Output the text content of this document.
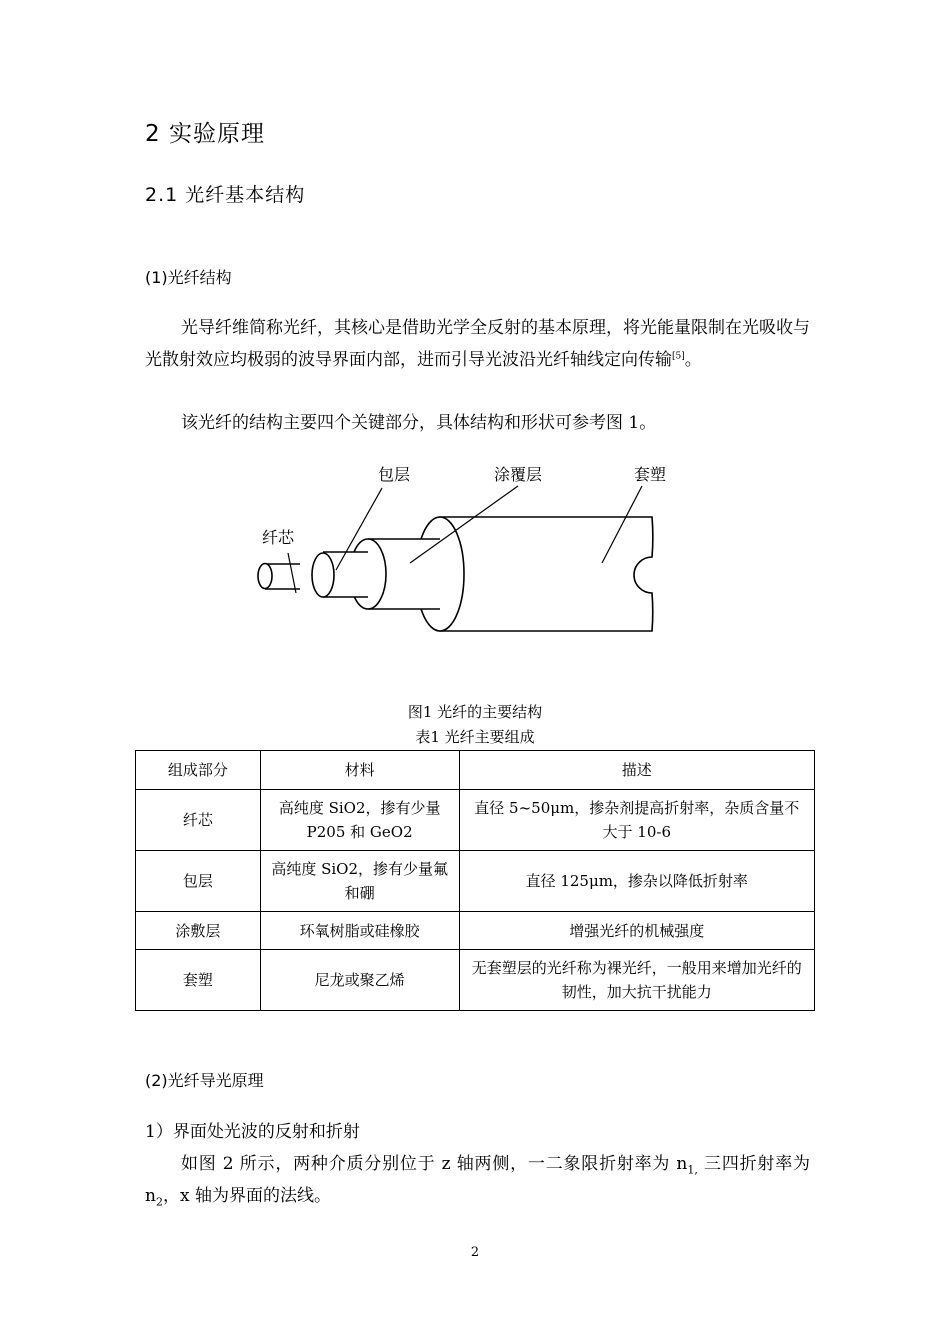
2 实验原理
2.1 光纤基本结构
(1)光纤结构
光导纤维简称光纤，其核心是借助光学全反射的基本原理，将光能量限制在光吸收与光散射效应均极弱的波导界面内部，进而引导光波沿光纤轴线定向传输[5]。
该光纤的结构主要四个关键部分，具体结构和形状可参考图 1。
纤芯
包层	涂覆层	套塑
图1 光纤的主要结构
表1 光纤主要组成
组成部分	材料	描述
纤芯	高纯度 SiO2，掺有少量P205 和 GeO2	直径 5~50μm，掺杂剂提高折射率，杂质含量不大于 10-6
包层	高纯度 SiO2，掺有少量氟和硼	直径 125μm，掺杂以降低折射率
涂敷层	环氧树脂或硅橡胶	增强光纤的机械强度
套塑	尼龙或聚乙烯	无套塑层的光纤称为裸光纤，一般用来增加光纤的韧性，加大抗干扰能力
(2)光纤导光原理
1）界面处光波的反射和折射
如图 2 所示，两种介质分别位于 z 轴两侧，一二象限折射率为 $n_{1,}$ 三四折射率为 $n_2$，x 轴为界面的法线。
2
